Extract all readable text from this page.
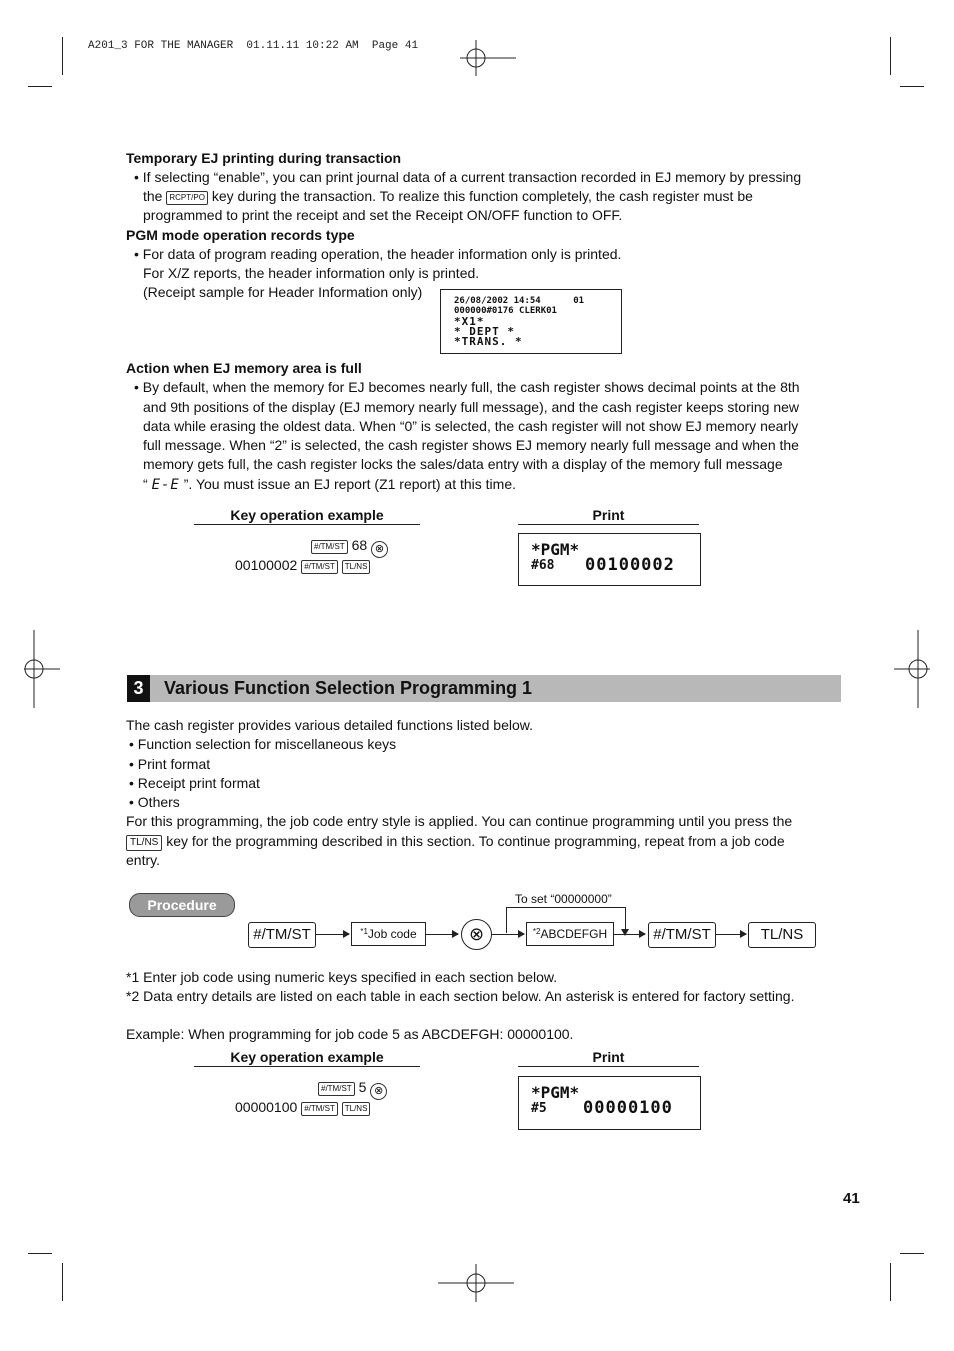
A201_3 FOR THE MANAGER  01.11.11 10:22 AM  Page 41
Temporary EJ printing during transaction
• If selecting “enable”, you can print journal data of a current transaction recorded in EJ memory by pressing
the RCPT/PO key during the transaction. To realize this function completely, the cash register must be
programmed to print the receipt and set the Receipt ON/OFF function to OFF.
PGM mode operation records type
• For data of program reading operation, the header information only is printed.
For X/Z reports, the header information only is printed.
(Receipt sample for Header Information only)
26/08/2002 14:54      01
000000#0176 CLERK01
*X1*
* DEPT *
*TRANS. *
Action when EJ memory area is full
• By default, when the memory for EJ becomes nearly full, the cash register shows decimal points at the 8th
and 9th positions of the display (EJ memory nearly full message), and the cash register keeps storing new
data while erasing the oldest data. When “0” is selected, the cash register will not show EJ memory nearly
full message. When “2” is selected, the cash register shows EJ memory nearly full message and when the
memory gets full, the cash register locks the sales/data entry with a display of the memory full message
“ E-E ”. You must issue an EJ report (Z1 report) at this time.
Key operation example	Print
#/TM/ST 68 ⊗
00100002 #/TM/ST TL/NS
*PGM*
#68 00100002
3	Various Function Selection Programming 1
The cash register provides various detailed functions listed below.
• Function selection for miscellaneous keys
• Print format
• Receipt print format
• Others
For this programming, the job code entry style is applied. You can continue programming until you press the
TL/NS key for the programming described in this section. To continue programming, repeat from a job code
entry.
Procedure	To set “00000000”
#/TM/ST	$^{*1}$Job code	⊗	$^{*2}$ABCDEFGH	#/TM/ST	TL/NS
*1 Enter job code using numeric keys specified in each section below.
*2 Data entry details are listed on each table in each section below. An asterisk is entered for factory setting.
Example: When programming for job code 5 as ABCDEFGH: 00000100.
Key operation example	Print
#/TM/ST 5 ⊗
00000100 #/TM/ST TL/NS
*PGM*
#5 00000100
41
